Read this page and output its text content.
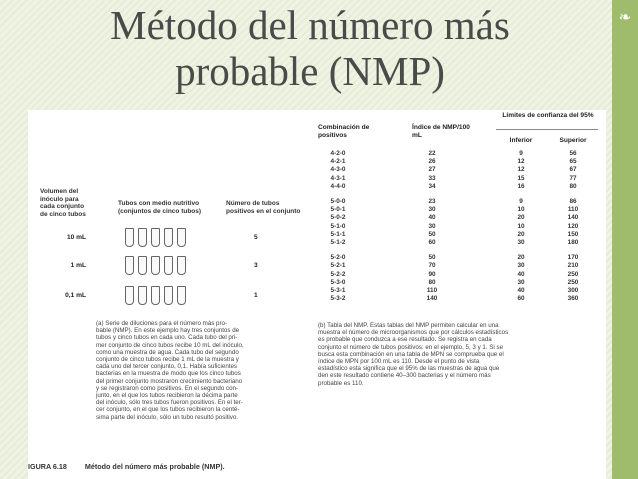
❧
Método del número más
probable (NMP)
Volumen del inóculo para cada conjunto de cinco tubos
Tubos con medio nutritivo (conjuntos de cinco tubos)
Número de tubos positivos en el conjunto
10 mL	5
1 mL	3
0,1 mL	1
(a) Serie de diluciones para el número más pro-
bable (NMP). En este ejemplo hay tres conjuntos de
tubos y cinco tubos en cada uno. Cada tubo del pri-
mer conjunto de cinco tubos recibe 10 mL del inóculo,
como una muestra de agua. Cada tubo del segundo
conjunto de cinco tubos recibe 1 mL de la muestra y
cada uno del tercer conjunto, 0,1. Había suficientes
bacterias en la muestra de modo que los cinco tubos
del primer conjunto mostraron crecimiento bacteriano
y se registraron como positivos. En el segundo con-
junto, en el que los tubos recibieron la décima parte
del inóculo, sólo tres tubos fueron positivos. En el ter-
cer conjunto, en el que los tubos recibieron la centé-
sima parte del inóculo, sólo un tubo resultó positivo.
Combinación de positivos
Índice de NMP/100 mL
Límites de confianza del 95%
Inferior	Superior
4-2-0	22	9	56
4-2-1	26	12	65
4-3-0	27	12	67
4-3-1	33	15	77
4-4-0	34	16	80
5-0-0	23	9	86
5-0-1	30	10	110
5-0-2	40	20	140
5-1-0	30	10	120
5-1-1	50	20	150
5-1-2	60	30	180
5-2-0	50	20	170
5-2-1	70	30	210
5-2-2	90	40	250
5-3-0	80	30	250
5-3-1	110	40	300
5-3-2	140	60	360
(b) Tabla del NMP. Estas tablas del NMP permiten calcular en una
muestra el número de microorganismos que por cálculos estadísticos
es probable que conduzca a ese resultado. Se registra en cada
conjunto el número de tubos positivos: en el ejemplo, 5, 3 y 1. Si se
busca esta combinación en una tabla de MPN se comprueba que el
índice de MPN por 100 mL es 110. Desde el punto de vista
estadístico esta significa que el 95% de las muestras de agua que
den este resultado contiene 40–300 bacterias y el número más
probable es 110.
IGURA 6.18	Método del número más probable (NMP).
